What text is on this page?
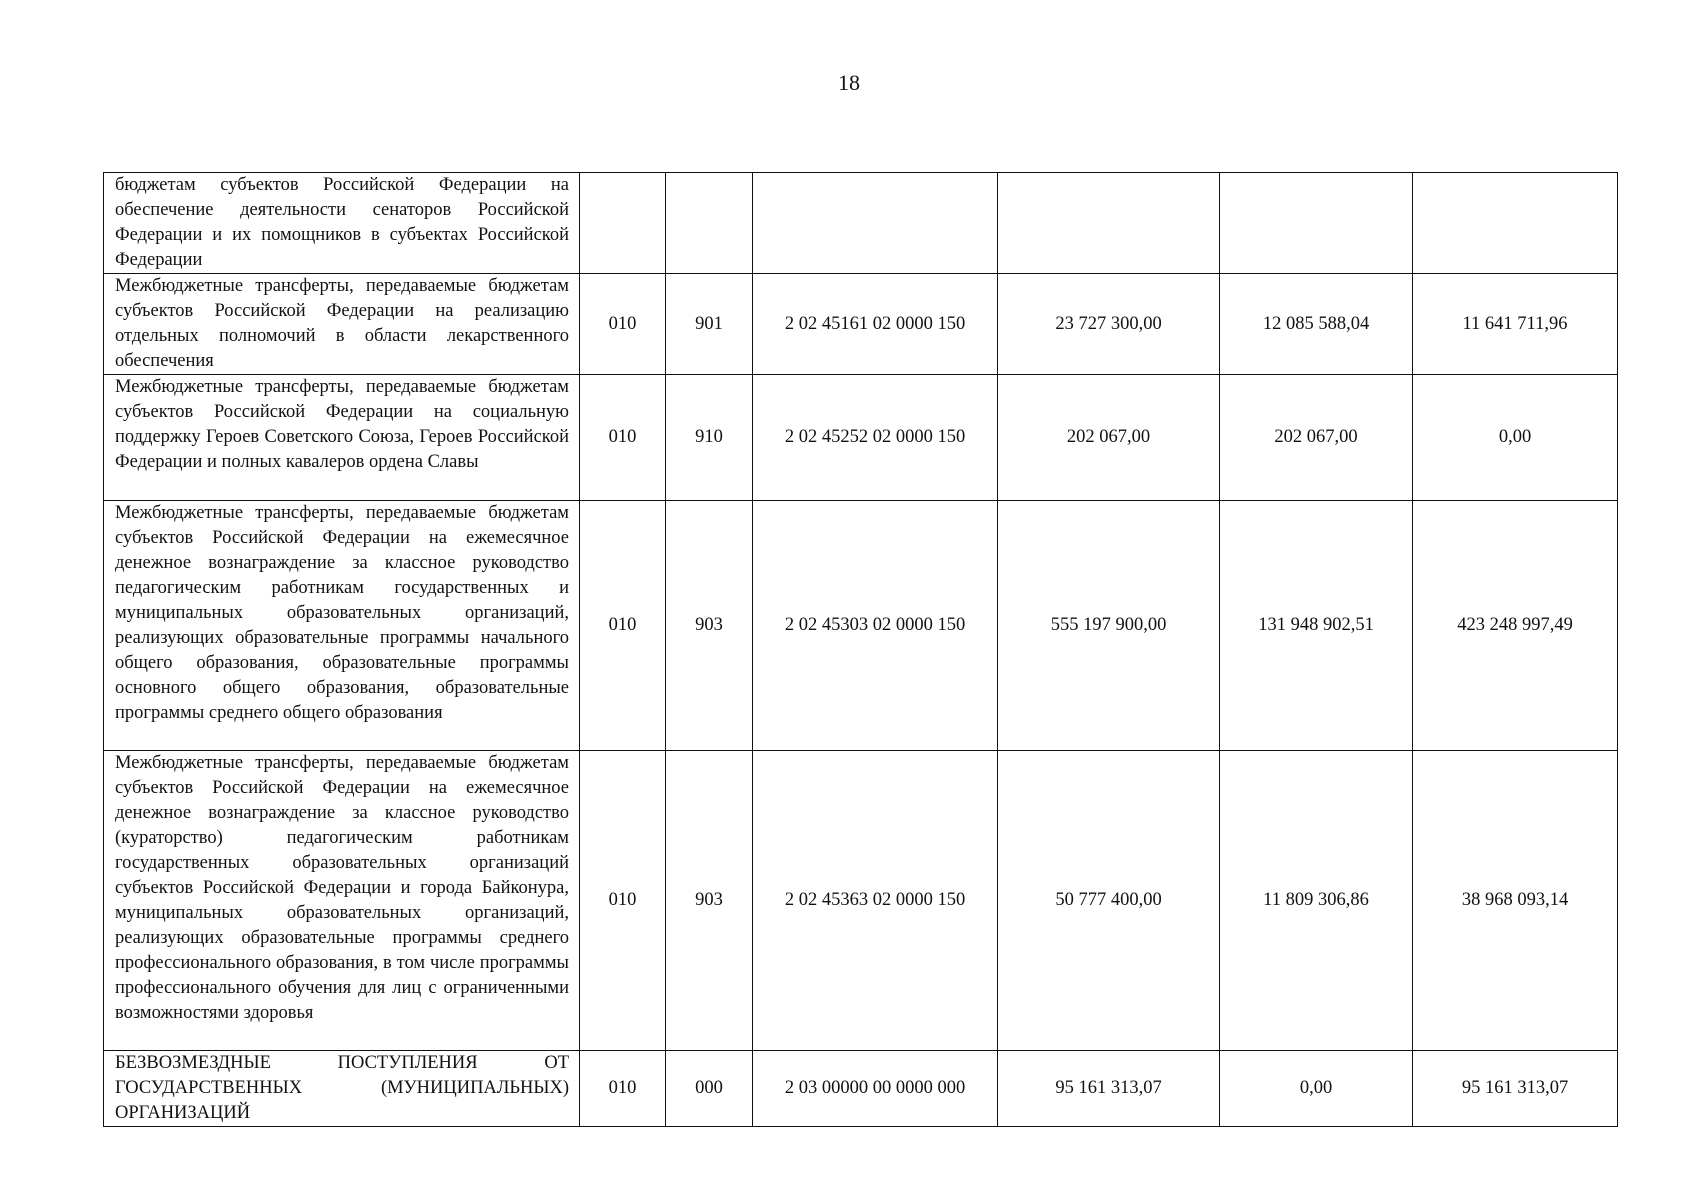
18
бюджетам субъектов Российской Федерации на обеспечение деятельности сенаторов Российской Федерации и их помощников в субъектах Российской Федерации						
Межбюджетные трансферты, передаваемые бюджетам субъектов Российской Федерации на реализацию отдельных полномочий в области лекарственного обеспечения	010	901	2 02 45161 02 0000 150	23 727 300,00	12 085 588,04	11 641 711,96
Межбюджетные трансферты, передаваемые бюджетам субъектов Российской Федерации на социальную поддержку Героев Советского Союза, Героев Российской Федерации и полных кавалеров ордена Славы	010	910	2 02 45252 02 0000 150	202 067,00	202 067,00	0,00
Межбюджетные трансферты, передаваемые бюджетам субъектов Российской Федерации на ежемесячное денежное вознаграждение за классное руководство педагогическим работникам государственных и муниципальных образовательных организаций, реализующих образовательные программы начального общего образования, образовательные программы основного общего образования, образовательные программы среднего общего образования	010	903	2 02 45303 02 0000 150	555 197 900,00	131 948 902,51	423 248 997,49
Межбюджетные трансферты, передаваемые бюджетам субъектов Российской Федерации на ежемесячное денежное вознаграждение за классное руководство (кураторство) педагогическим работникам государственных образовательных организаций субъектов Российской Федерации и города Байконура, муниципальных образовательных организаций, реализующих образовательные программы среднего профессионального образования, в том числе программы профессионального обучения для лиц с ограниченными возможностями здоровья	010	903	2 02 45363 02 0000 150	50 777 400,00	11 809 306,86	38 968 093,14
БЕЗВОЗМЕЗДНЫЕ ПОСТУПЛЕНИЯ ОТ ГОСУДАРСТВЕННЫХ (МУНИЦИПАЛЬНЫХ) ОРГАНИЗАЦИЙ	010	000	2 03 00000 00 0000 000	95 161 313,07	0,00	95 161 313,07
